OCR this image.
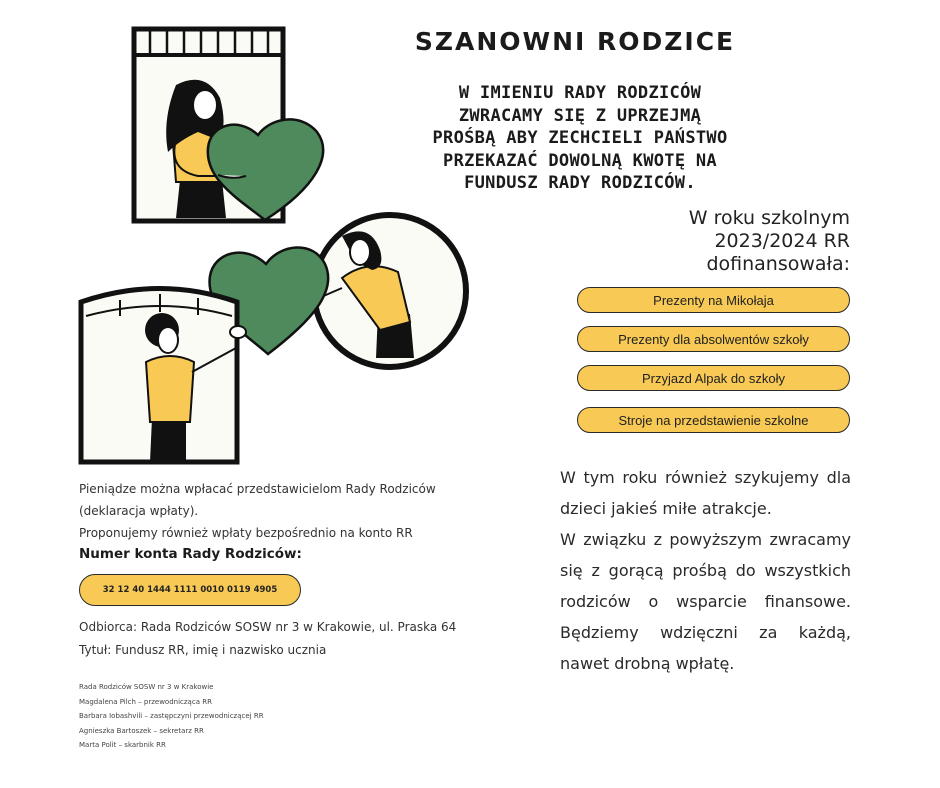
SZANOWNI RODZICE
W IMIENIU RADY RODZICÓW
ZWRACAMY SIĘ Z UPRZEJMĄ
PROŚBĄ ABY ZECHCIELI PAŃSTWO
PRZEKAZAĆ DOWOLNĄ KWOTĘ NA
FUNDUSZ RADY RODZICÓW.
W roku szkolnym
2023/2024 RR
dofinansowała:
Prezenty na Mikołaja
Prezenty dla absolwentów szkoły
Przyjazd Alpak do szkoły
Stroje na przedstawienie szkolne

W tym roku również szykujemy dla dzieci jakieś miłe atrakcje.

W związku z powyższym zwracamy się z gorącą prośbą do wszystkich rodziców o wsparcie finansowe. Będziemy wdzięczni za każdą, nawet drobną wpłatę.

Pieniądze można wpłacać przedstawicielom Rady Rodziców
(deklaracja wpłaty).
Proponujemy również wpłaty bezpośrednio na konto RR
Numer konta Rady Rodziców:
32 12 40 1444 1111 0010 0119 4905
Odbiorca: Rada Rodziców SOSW nr 3 w Krakowie, ul. Praska 64
Tytuł: Fundusz RR, imię i nazwisko ucznia
Rada Rodziców SOSW nr 3 w Krakowie
Magdalena Pilch – przewodnicząca RR
Barbara Iobashvili – zastępczyni przewodniczącej RR
Agnieszka Bartoszek – sekretarz RR
Marta Polit – skarbnik RR
